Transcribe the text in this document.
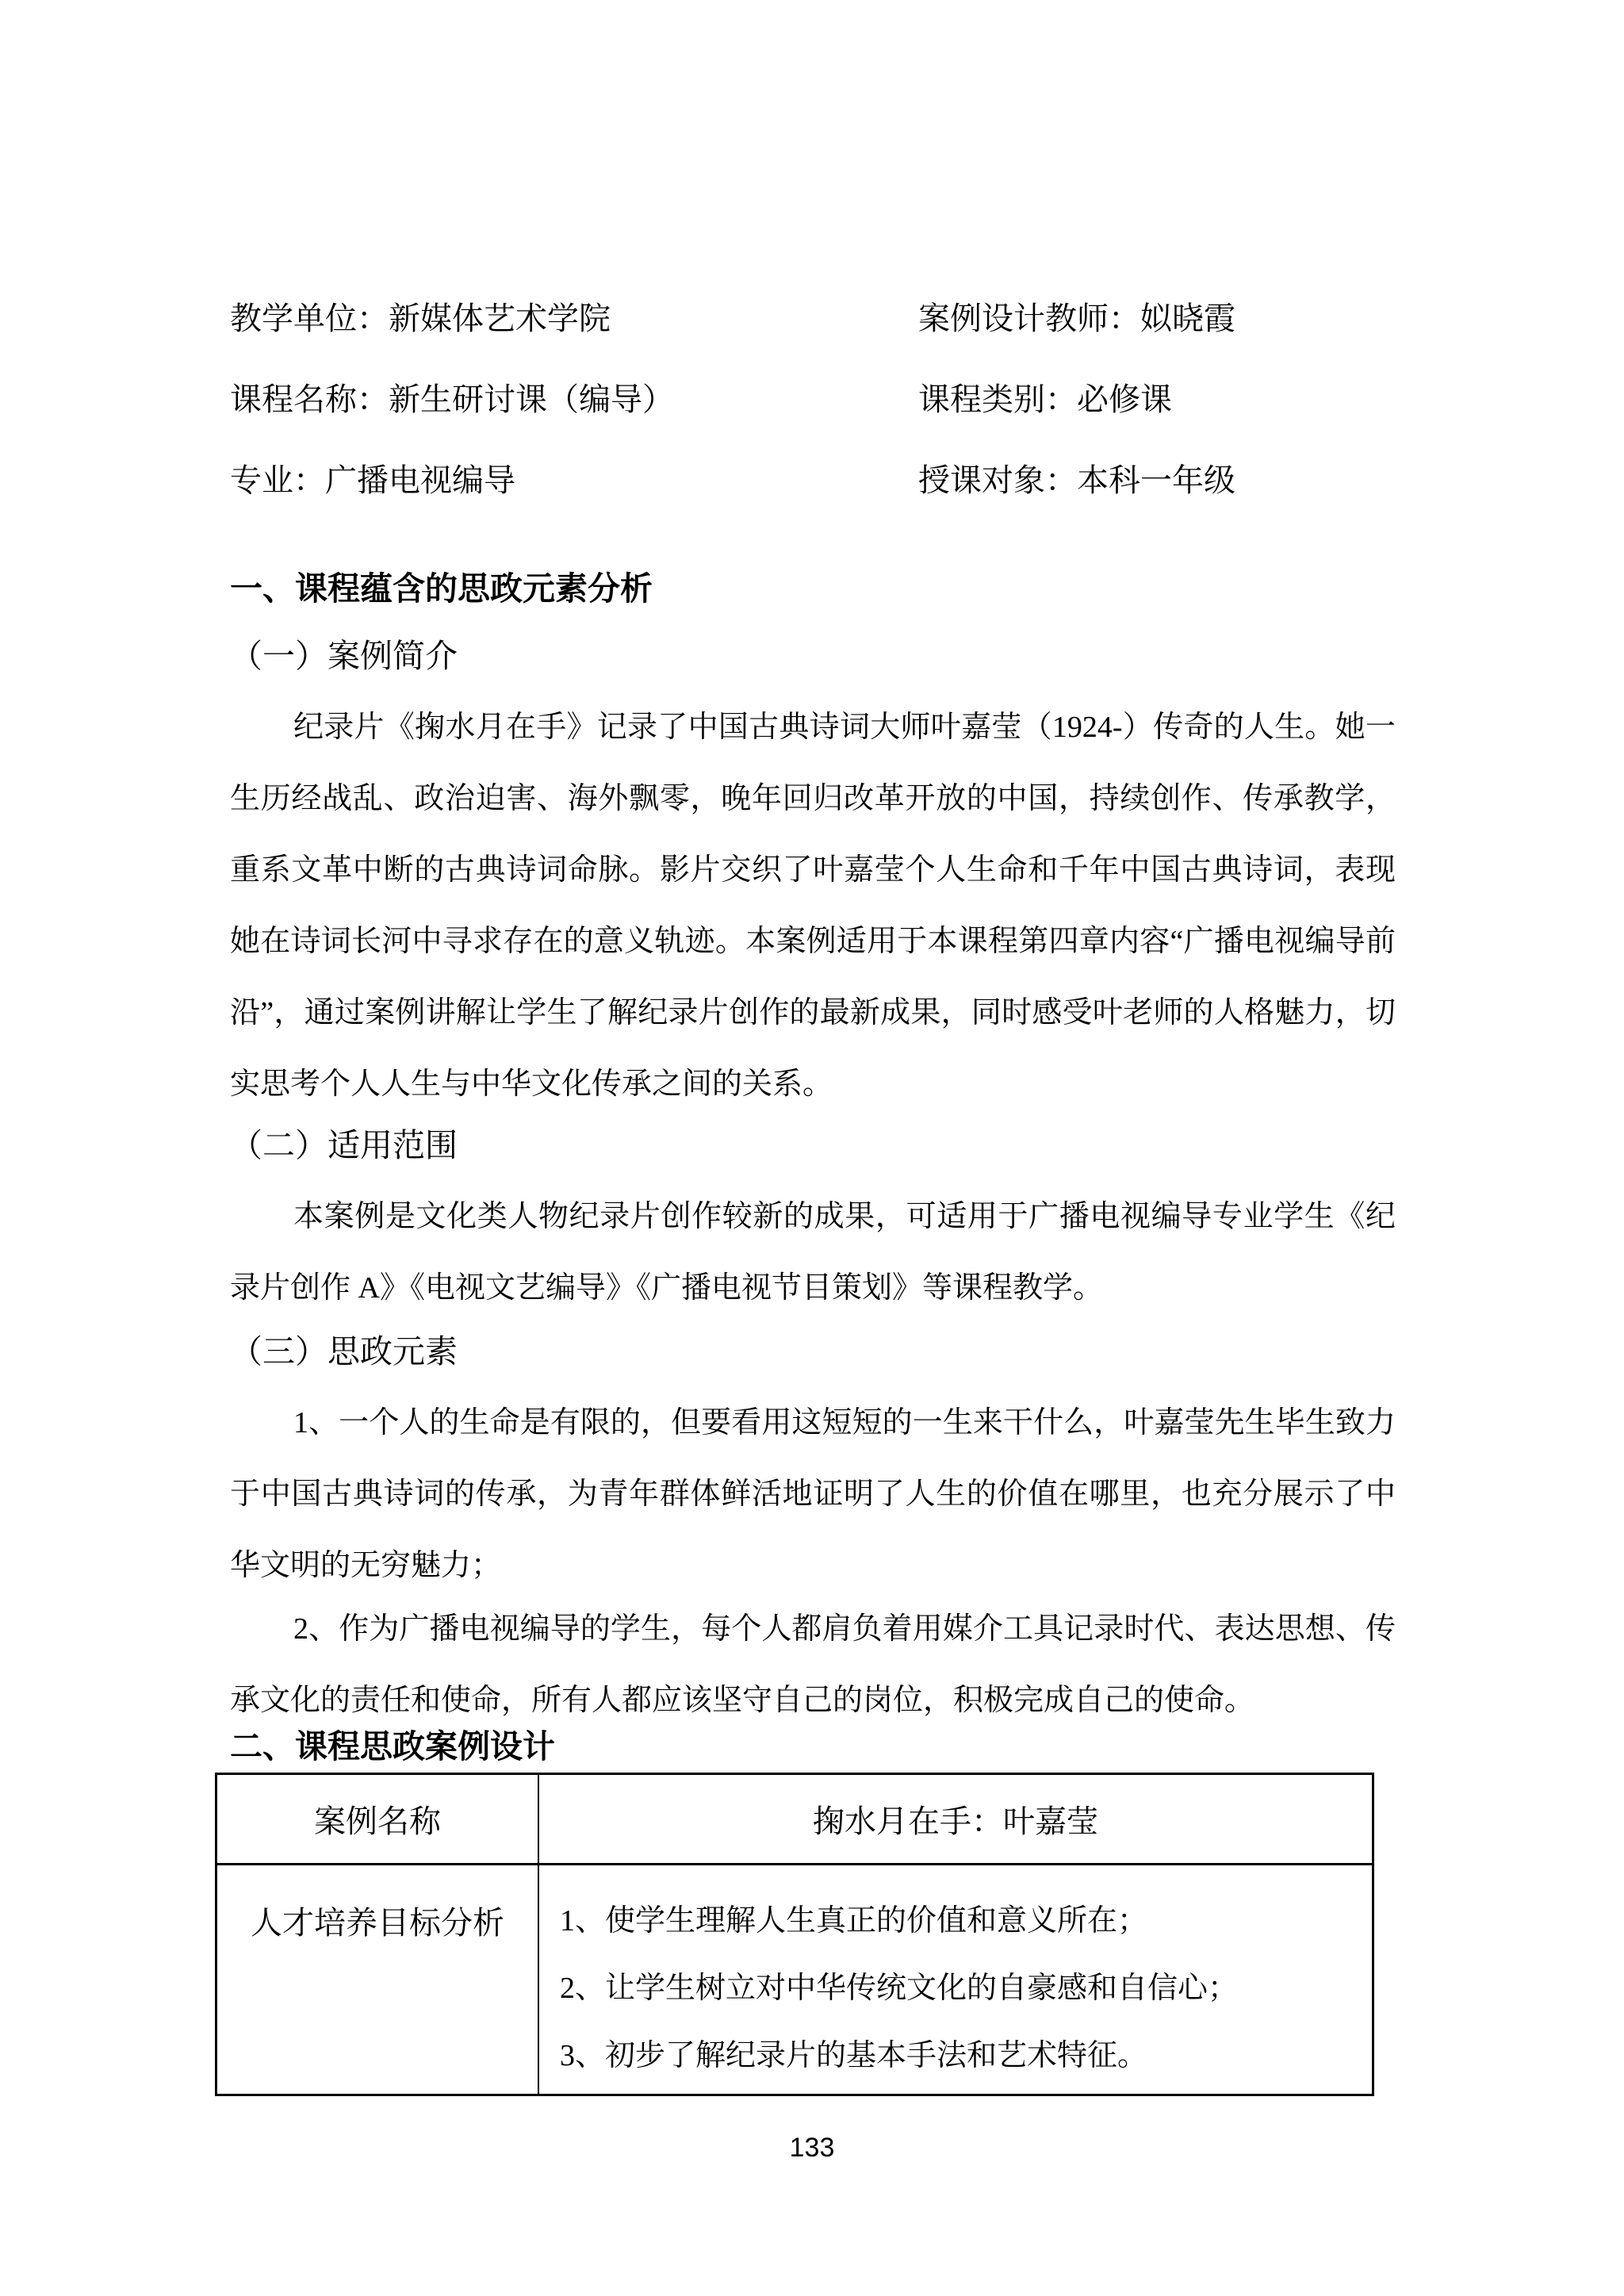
教学单位：新媒体艺术学院	案例设计教师：姒晓霞
课程名称：新生研讨课（编导）	课程类别：必修课
专业：广播电视编导	授课对象：本科一年级
一、课程蕴含的思政元素分析
（一）案例简介
纪录片《掬水月在手》记录了中国古典诗词大师叶嘉莹（1924-）传奇的人生。她一生历经战乱、政治迫害、海外飘零，晚年回归改革开放的中国，持续创作、传承教学，重系文革中断的古典诗词命脉。影片交织了叶嘉莹个人生命和千年中国古典诗词，表现她在诗词长河中寻求存在的意义轨迹。本案例适用于本课程第四章内容“广播电视编导前沿”，通过案例讲解让学生了解纪录片创作的最新成果，同时感受叶老师的人格魅力，切实思考个人人生与中华文化传承之间的关系。
（二）适用范围
本案例是文化类人物纪录片创作较新的成果，可适用于广播电视编导专业学生《纪录片创作 A》《电视文艺编导》《广播电视节目策划》等课程教学。
（三）思政元素
1、一个人的生命是有限的，但要看用这短短的一生来干什么，叶嘉莹先生毕生致力于中国古典诗词的传承，为青年群体鲜活地证明了人生的价值在哪里，也充分展示了中华文明的无穷魅力；
2、作为广播电视编导的学生，每个人都肩负着用媒介工具记录时代、表达思想、传承文化的责任和使命，所有人都应该坚守自己的岗位，积极完成自己的使命。
二、课程思政案例设计
案例名称	掬水月在手：叶嘉莹
人才培养目标分析	1、使学生理解人生真正的价值和意义所在；
2、让学生树立对中华传统文化的自豪感和自信心；
3、初步了解纪录片的基本手法和艺术特征。
133
